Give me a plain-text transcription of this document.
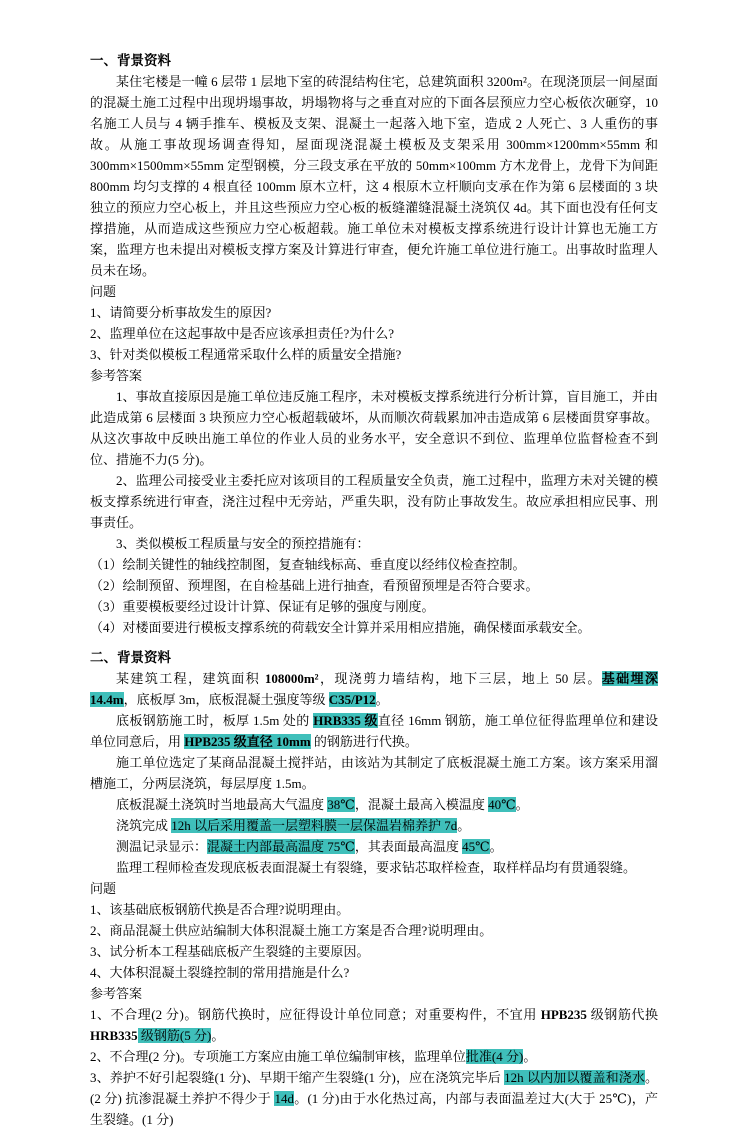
一、背景资料

某住宅楼是一幢 6 层带 1 层地下室的砖混结构住宅，总建筑面积 3200m²。在现浇顶层一间屋面的混凝土施工过程中出现坍塌事故，坍塌物将与之垂直对应的下面各层预应力空心板依次砸穿，10 名施工人员与 4 辆手推车、模板及支架、混凝土一起落入地下室，造成 2 人死亡、3 人重伤的事故。从施工事故现场调查得知，屋面现浇混凝土模板及支架采用 300mm×1200mm×55mm 和 300mm×1500mm×55mm 定型钢模，分三段支承在平放的 50mm×100mm 方木龙骨上，龙骨下为间距 800mm 均匀支撑的 4 根直径 100mm 原木立杆，这 4 根原木立杆顺向支承在作为第 6 层楼面的 3 块独立的预应力空心板上，并且这些预应力空心板的板缝灌缝混凝土浇筑仅 4d。其下面也没有任何支撑措施，从而造成这些预应力空心板超载。施工单位未对模板支撑系统进行设计计算也无施工方案，监理方也未提出对模板支撑方案及计算进行审查，便允许施工单位进行施工。出事故时监理人员未在场。

问题

1、请简要分析事故发生的原因?

2、监理单位在这起事故中是否应该承担责任?为什么?

3、针对类似模板工程通常采取什么样的质量安全措施?

参考答案

1、事故直接原因是施工单位违反施工程序，未对模板支撑系统进行分析计算，盲目施工，并由此造成第 6 层楼面 3 块预应力空心板超载破坏，从而顺次荷载累加冲击造成第 6 层楼面贯穿事故。从这次事故中反映出施工单位的作业人员的业务水平，安全意识不到位、监理单位监督检查不到位、措施不力(5 分)。

2、监理公司接受业主委托应对该项目的工程质量安全负责，施工过程中，监理方未对关键的模板支撑系统进行审查，浇注过程中无旁站，严重失职，没有防止事故发生。故应承担相应民事、刑事责任。

3、类似模板工程质量与安全的预控措施有：

（1）绘制关键性的轴线控制图，复查轴线标高、垂直度以经纬仪检查控制。

（2）绘制预留、预埋图，在自检基础上进行抽查，看预留预埋是否符合要求。

（3）重要模板要经过设计计算、保证有足够的强度与刚度。

（4）对楼面要进行模板支撑系统的荷载安全计算并采用相应措施，确保楼面承载安全。

二、背景资料

某建筑工程，建筑面积 108000m²，现浇剪力墙结构，地下三层，地上 50 层。基础埋深 14.4m，底板厚 3m，底板混凝土强度等级 C35/P12。

底板钢筋施工时，板厚 1.5m 处的 HRB335 级直径 16mm 钢筋，施工单位征得监理单位和建设单位同意后，用 HPB235 级直径 10mm 的钢筋进行代换。

施工单位选定了某商品混凝土搅拌站，由该站为其制定了底板混凝土施工方案。该方案采用溜槽施工，分两层浇筑，每层厚度 1.5m。

底板混凝土浇筑时当地最高大气温度 38℃，混凝土最高入模温度 40℃。

浇筑完成 12h 以后采用覆盖一层塑料膜一层保温岩棉养护 7d。

测温记录显示：混凝土内部最高温度 75℃，其表面最高温度 45℃。

监理工程师检查发现底板表面混凝土有裂缝，要求钻芯取样检查，取样样品均有贯通裂缝。

问题

1、该基础底板钢筋代换是否合理?说明理由。

2、商品混凝土供应站编制大体积混凝土施工方案是否合理?说明理由。

3、试分析本工程基础底板产生裂缝的主要原因。

4、大体积混凝土裂缝控制的常用措施是什么?

参考答案

1、不合理(2 分)。钢筋代换时，应征得设计单位同意；对重要构件，不宜用 HPB235 级钢筋代换 HRB335 级钢筋(5 分)。

2、不合理(2 分)。专项施工方案应由施工单位编制审核，监理单位批准(4 分)。

3、养护不好引起裂缝(1 分)、早期干缩产生裂缝(1 分)，应在浇筑完毕后 12h 以内加以覆盖和浇水。(2 分) 抗渗混凝土养护不得少于 14d。(1 分)由于水化热过高，内部与表面温差过大(大于 25℃)，产生裂缝。(1 分)
